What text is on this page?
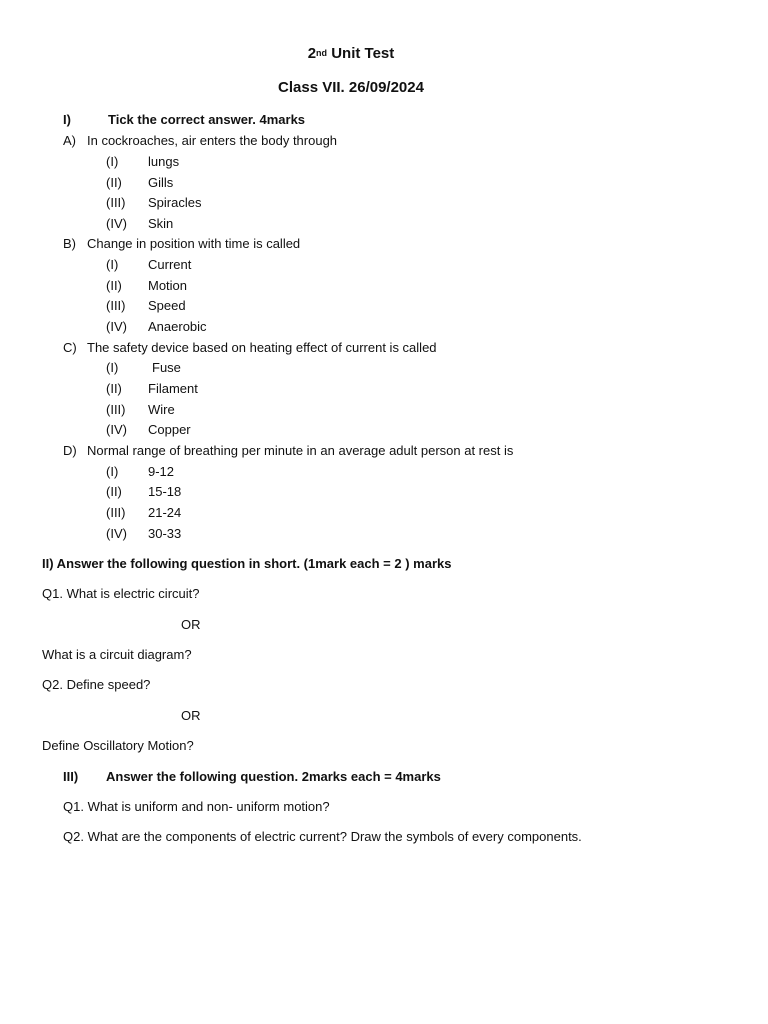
2nd Unit Test
Class VII. 26/09/2024
I)	Tick the correct answer. 4marks
A) In cockroaches, air enters the body through
(I) lungs
(II) Gills
(III) Spiracles
(IV) Skin
B) Change in position with time is called
(I) Current
(II) Motion
(III) Speed
(IV) Anaerobic
C) The safety device based on heating effect of current is called
(I)	Fuse
(II) Filament
(III) Wire
(IV) Copper
D) Normal range of breathing per minute in an average adult person at rest is
(I) 9-12
(II) 15-18
(III) 21-24
(IV) 30-33
II) Answer the following question in short. (1mark each = 2 ) marks
Q1. What is electric circuit?
OR
What is a circuit diagram?
Q2. Define speed?
OR
Define Oscillatory Motion?
III) Answer the following question. 2marks each = 4marks
Q1. What is uniform and non- uniform motion?
Q2. What are the components of electric current? Draw the symbols of every components.
